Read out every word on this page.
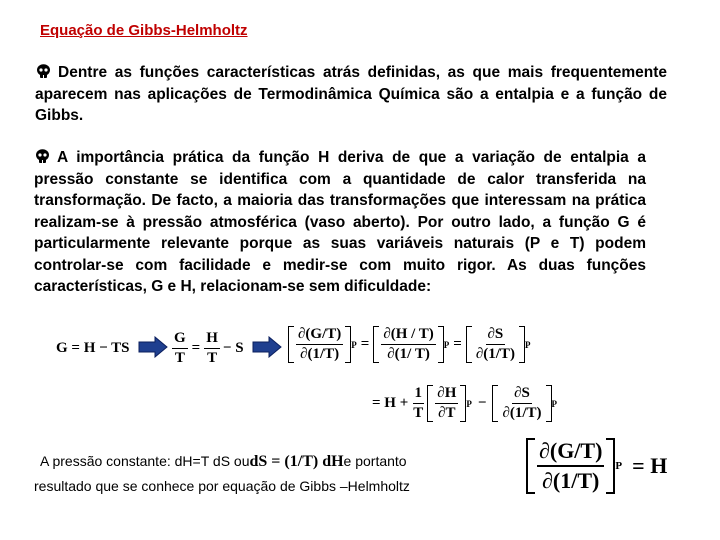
Equação de Gibbs-Helmholtz
Dentre as funções características atrás definidas, as que mais frequentemente aparecem nas aplicações de Termodinâmica Química são a entalpia e a função de Gibbs.
A importância prática da função H deriva de que a variação de entalpia a pressão constante se identifica com a quantidade de calor transferida na transformação. De facto, a maioria das transformações que interessam na prática realizam-se à pressão atmosférica (vaso aberto). Por outro lado, a função G é particularmente relevante porque as suas variáveis naturais (P e T) podem controlar-se com facilidade e medir-se com muito rigor. As duas funções características, G e H, relacionam-se sem dificuldade:
G = H − TS	$\frac{G}{T} = \frac{H}{T} - S$	$\frac{\partial(G/T)}{\partial(1/T)}$ $P = \frac{\partial(H / T)}{\partial(1/ T)}$ $P = \frac{\partial S}{\partial(1/T)}$ P
= $H + \frac{1}{T} \frac{\partial H}{\partial T}$ $P - \frac{\partial S}{\partial(1/T)}$ P
A pressão constante: dH=T dS ou dS = (1/T) dH e portanto
resultado que se conhece por equação de Gibbs –Helmholtz	$\frac{\partial(G/T)}{\partial(1/T)}$ P = H
